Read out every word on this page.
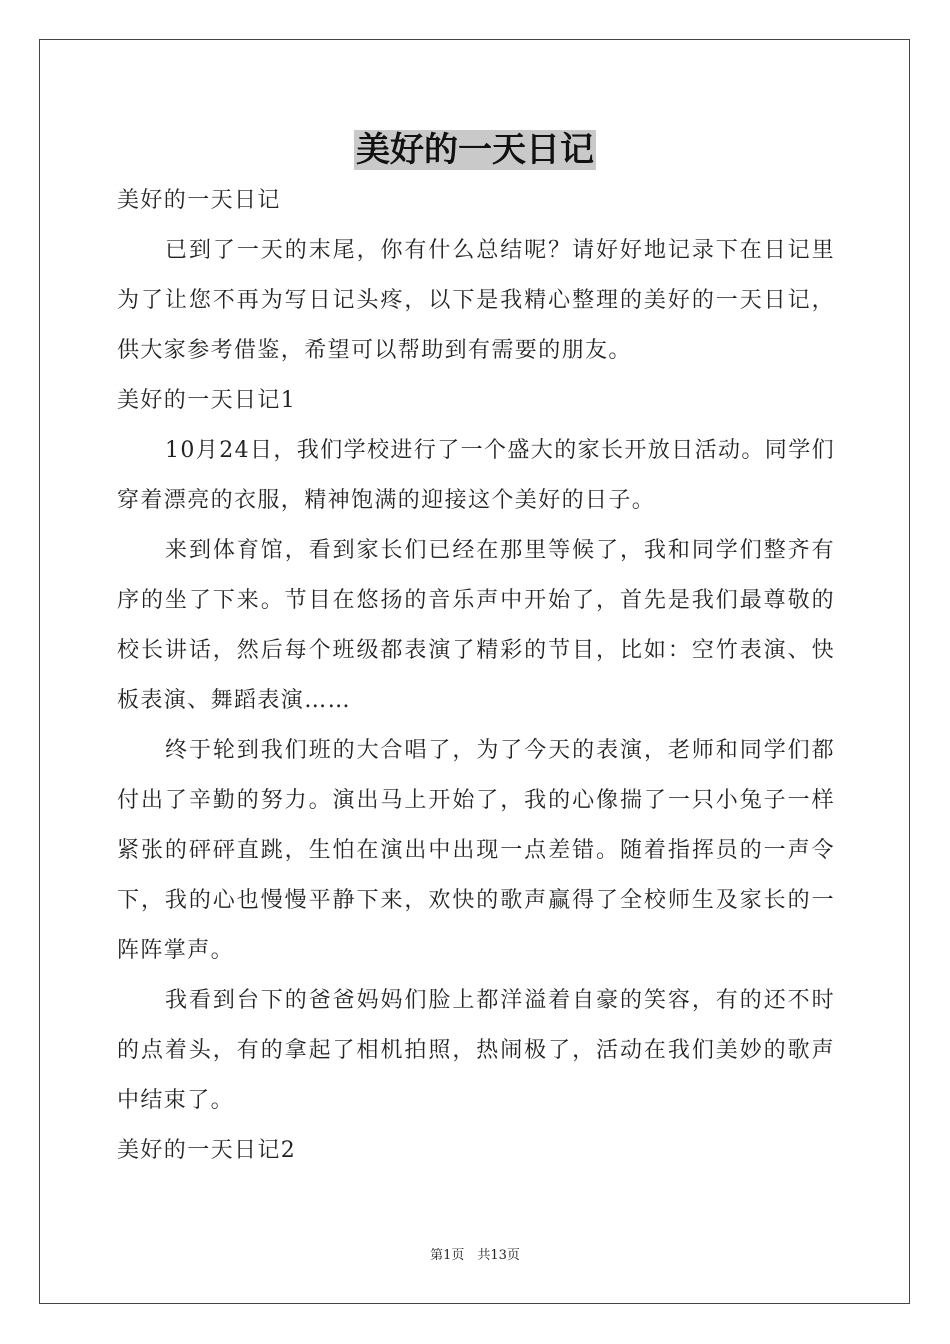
美好的一天日记

美好的一天日记

已到了一天的末尾，你有什么总结呢？请好好地记录下在日记里为了让您不再为写日记头疼，以下是我精心整理的美好的一天日记，供大家参考借鉴，希望可以帮助到有需要的朋友。

美好的一天日记1

10月24日，我们学校进行了一个盛大的家长开放日活动。同学们穿着漂亮的衣服，精神饱满的迎接这个美好的日子。

来到体育馆，看到家长们已经在那里等候了，我和同学们整齐有序的坐了下来。节目在悠扬的音乐声中开始了，首先是我们最尊敬的校长讲话，然后每个班级都表演了精彩的节目，比如：空竹表演、快板表演、舞蹈表演……

终于轮到我们班的大合唱了，为了今天的表演，老师和同学们都付出了辛勤的努力。演出马上开始了，我的心像揣了一只小兔子一样紧张的砰砰直跳，生怕在演出中出现一点差错。随着指挥员的一声令下，我的心也慢慢平静下来，欢快的歌声赢得了全校师生及家长的一阵阵掌声。

我看到台下的爸爸妈妈们脸上都洋溢着自豪的笑容，有的还不时的点着头，有的拿起了相机拍照，热闹极了，活动在我们美妙的歌声中结束了。

美好的一天日记2

第1页　共13页
